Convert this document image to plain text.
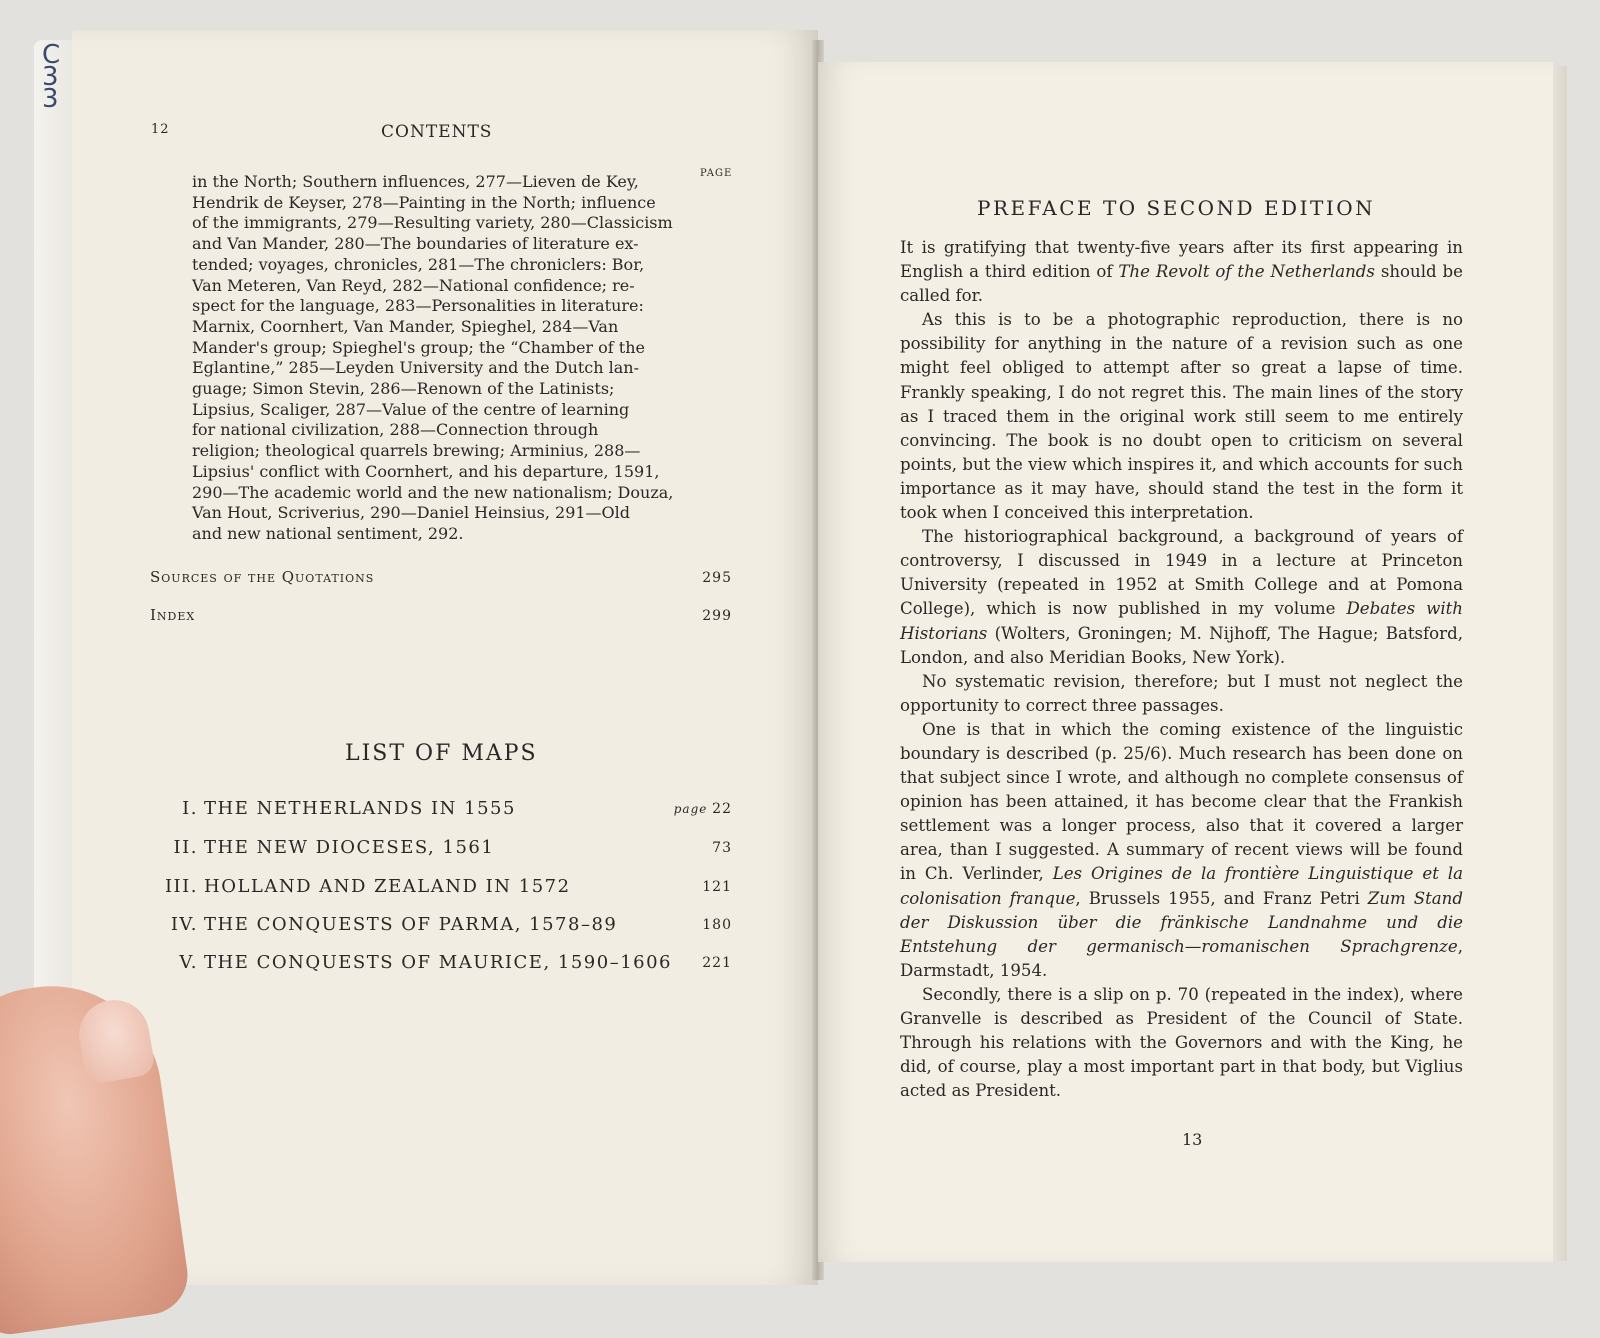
C
3
3
12	CONTENTS
PAGE
in the North; Southern influences, 277—Lieven de Key,
Hendrik de Keyser, 278—Painting in the North; influence
of the immigrants, 279—Resulting variety, 280—Classicism
and Van Mander, 280—The boundaries of literature ex-
tended; voyages, chronicles, 281—The chroniclers: Bor,
Van Meteren, Van Reyd, 282—National confidence; re-
spect for the language, 283—Personalities in literature:
Marnix, Coornhert, Van Mander, Spieghel, 284—Van
Mander's group; Spieghel's group; the “Chamber of the
Eglantine,” 285—Leyden University and the Dutch lan-
guage; Simon Stevin, 286—Renown of the Latinists;
Lipsius, Scaliger, 287—Value of the centre of learning
for national civilization, 288—Connection through
religion; theological quarrels brewing; Arminius, 288—
Lipsius' conflict with Coornhert, and his departure, 1591,
290—The academic world and the new nationalism; Douza,
Van Hout, Scriverius, 290—Daniel Heinsius, 291—Old
and new national sentiment, 292.
Sources of the Quotations	295
Index	299
LIST OF MAPS
I. THE NETHERLANDS IN 1555	page 22
II. THE NEW DIOCESES, 1561	73
III. HOLLAND AND ZEALAND IN 1572	121
IV. THE CONQUESTS OF PARMA, 1578–89	180
V. THE CONQUESTS OF MAURICE, 1590–1606 221
PREFACE TO SECOND EDITION

It is gratifying that twenty-five years after its first appearing in English a third edition of The Revolt of the Netherlands should be called for.

As this is to be a photographic reproduction, there is no possibility for anything in the nature of a revision such as one might feel obliged to attempt after so great a lapse of time. Frankly speaking, I do not regret this. The main lines of the story as I traced them in the original work still seem to me entirely convincing. The book is no doubt open to criticism on several points, but the view which inspires it, and which accounts for such importance as it may have, should stand the test in the form it took when I conceived this interpretation.

The historiographical background, a background of years of controversy, I discussed in 1949 in a lecture at Princeton University (repeated in 1952 at Smith College and at Pomona College), which is now published in my volume Debates with Historians (Wolters, Groningen; M. Nijhoff, The Hague; Batsford, London, and also Meridian Books, New York).

No systematic revision, therefore; but I must not neglect the opportunity to correct three passages.

One is that in which the coming existence of the linguistic boundary is described (p. 25/6). Much research has been done on that subject since I wrote, and although no complete consensus of opinion has been attained, it has become clear that the Frankish settlement was a longer process, also that it covered a larger area, than I suggested. A summary of recent views will be found in Ch. Verlinder, Les Origines de la frontière Linguistique et la colonisation franque, Brussels 1955, and Franz Petri Zum Stand der Diskussion über die fränkische Landnahme und die Entstehung der germanisch—romanischen Sprachgrenze, Darmstadt, 1954.

Secondly, there is a slip on p. 70 (repeated in the index), where Granvelle is described as President of the Council of State. Through his relations with the Governors and with the King, he did, of course, play a most important part in that body, but Viglius acted as President.

13
